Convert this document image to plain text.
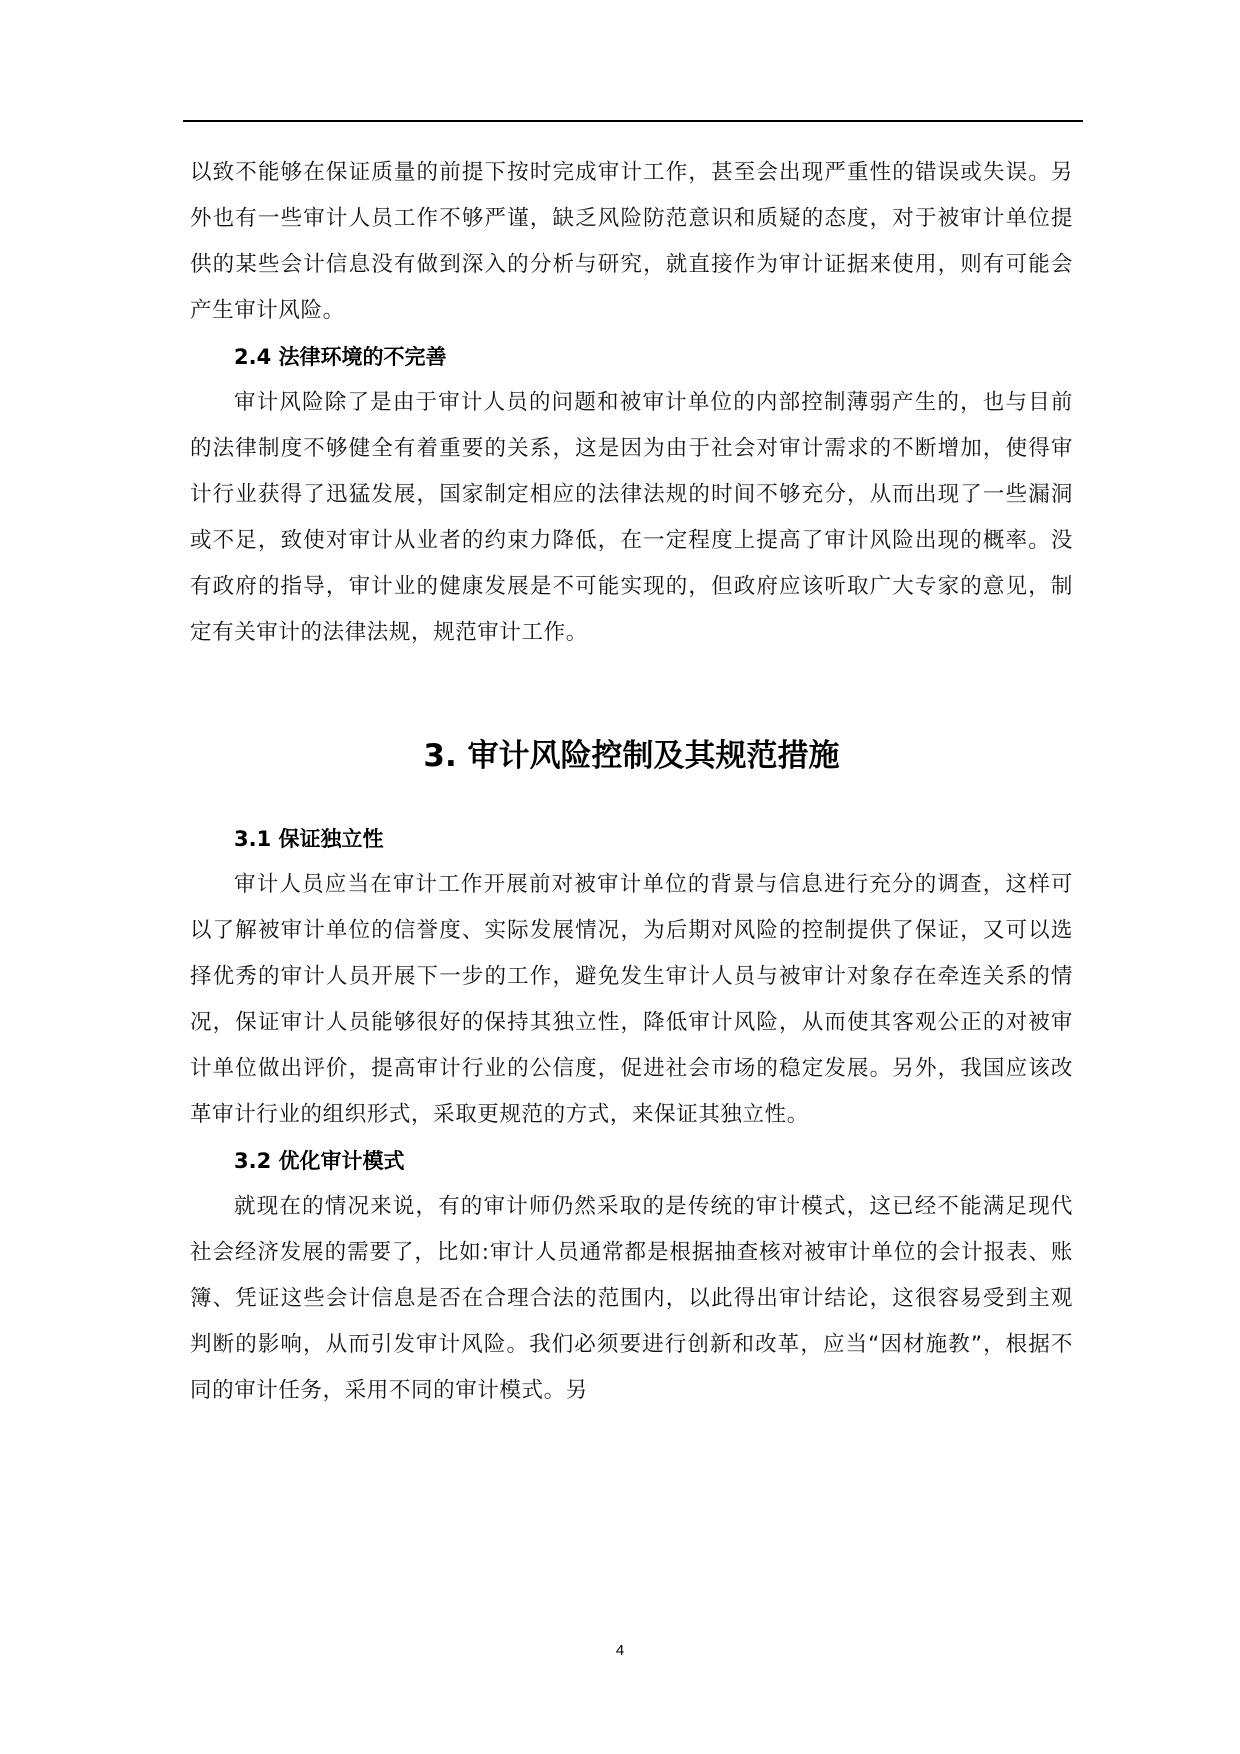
以致不能够在保证质量的前提下按时完成审计工作，甚至会出现严重性的错误或失误。另外也有一些审计人员工作不够严谨，缺乏风险防范意识和质疑的态度，对于被审计单位提供的某些会计信息没有做到深入的分析与研究，就直接作为审计证据来使用，则有可能会产生审计风险。

2.4 法律环境的不完善

审计风险除了是由于审计人员的问题和被审计单位的内部控制薄弱产生的，也与目前的法律制度不够健全有着重要的关系，这是因为由于社会对审计需求的不断增加，使得审计行业获得了迅猛发展，国家制定相应的法律法规的时间不够充分，从而出现了一些漏洞或不足，致使对审计从业者的约束力降低，在一定程度上提高了审计风险出现的概率。没有政府的指导，审计业的健康发展是不可能实现的，但政府应该听取广大专家的意见，制定有关审计的法律法规，规范审计工作。

3. 审计风险控制及其规范措施
3.1 保证独立性

审计人员应当在审计工作开展前对被审计单位的背景与信息进行充分的调查，这样可以了解被审计单位的信誉度、实际发展情况，为后期对风险的控制提供了保证，又可以选择优秀的审计人员开展下一步的工作，避免发生审计人员与被审计对象存在牵连关系的情况，保证审计人员能够很好的保持其独立性，降低审计风险，从而使其客观公正的对被审计单位做出评价，提高审计行业的公信度，促进社会市场的稳定发展。另外，我国应该改革审计行业的组织形式，采取更规范的方式，来保证其独立性。

3.2 优化审计模式

就现在的情况来说，有的审计师仍然采取的是传统的审计模式，这已经不能满足现代社会经济发展的需要了，比如:审计人员通常都是根据抽查核对被审计单位的会计报表、账簿、凭证这些会计信息是否在合理合法的范围内，以此得出审计结论，这很容易受到主观判断的影响，从而引发审计风险。我们必须要进行创新和改革，应当“因材施教”，根据不同的审计任务，采用不同的审计模式。另

4
